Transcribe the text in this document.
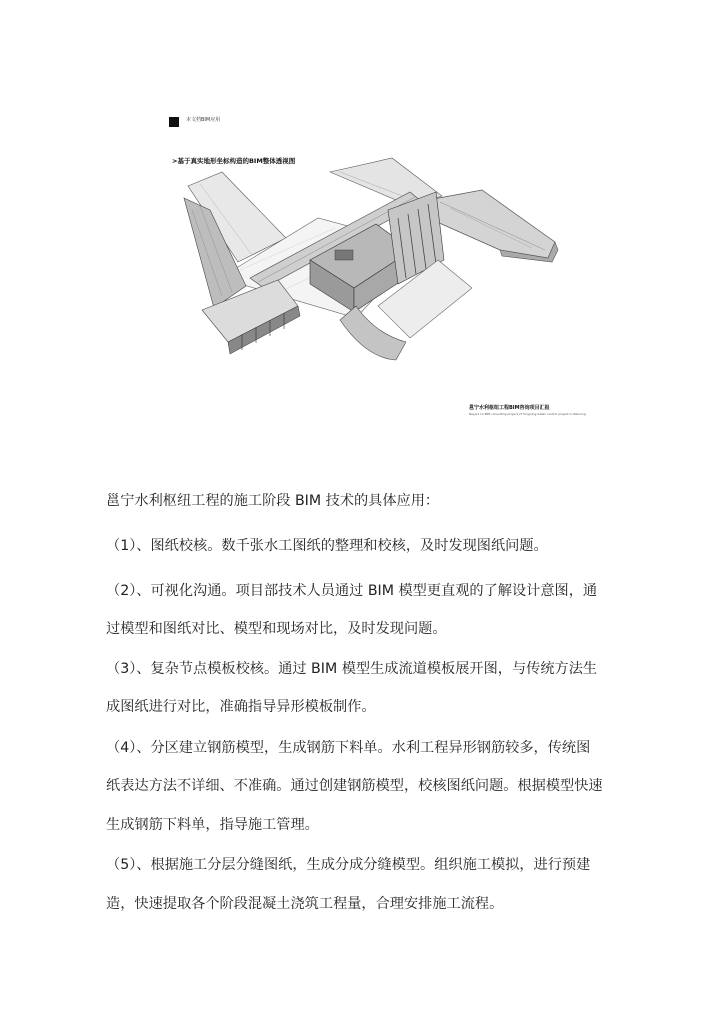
本文档BIM应用
>基于真实地形坐标构造的BIM整体透视图
邕宁水利枢纽工程BIM咨询项目汇报
Report on BIM consulting project of Yongning water control project in Nanning
邕宁水利枢纽工程的施工阶段 BIM 技术的具体应用：
（1）、图纸校核。数千张水工图纸的整理和校核，及时发现图纸问题。
（2）、可视化沟通。项目部技术人员通过 BIM 模型更直观的了解设计意图，通
过模型和图纸对比、模型和现场对比，及时发现问题。
（3）、复杂节点模板校核。通过 BIM 模型生成流道模板展开图，与传统方法生
成图纸进行对比，准确指导异形模板制作。
（4）、分区建立钢筋模型，生成钢筋下料单。水利工程异形钢筋较多，传统图
纸表达方法不详细、不准确。通过创建钢筋模型，校核图纸问题。根据模型快速
生成钢筋下料单，指导施工管理。
（5）、根据施工分层分缝图纸，生成分成分缝模型。组织施工模拟，进行预建
造，快速提取各个阶段混凝土浇筑工程量，合理安排施工流程。
